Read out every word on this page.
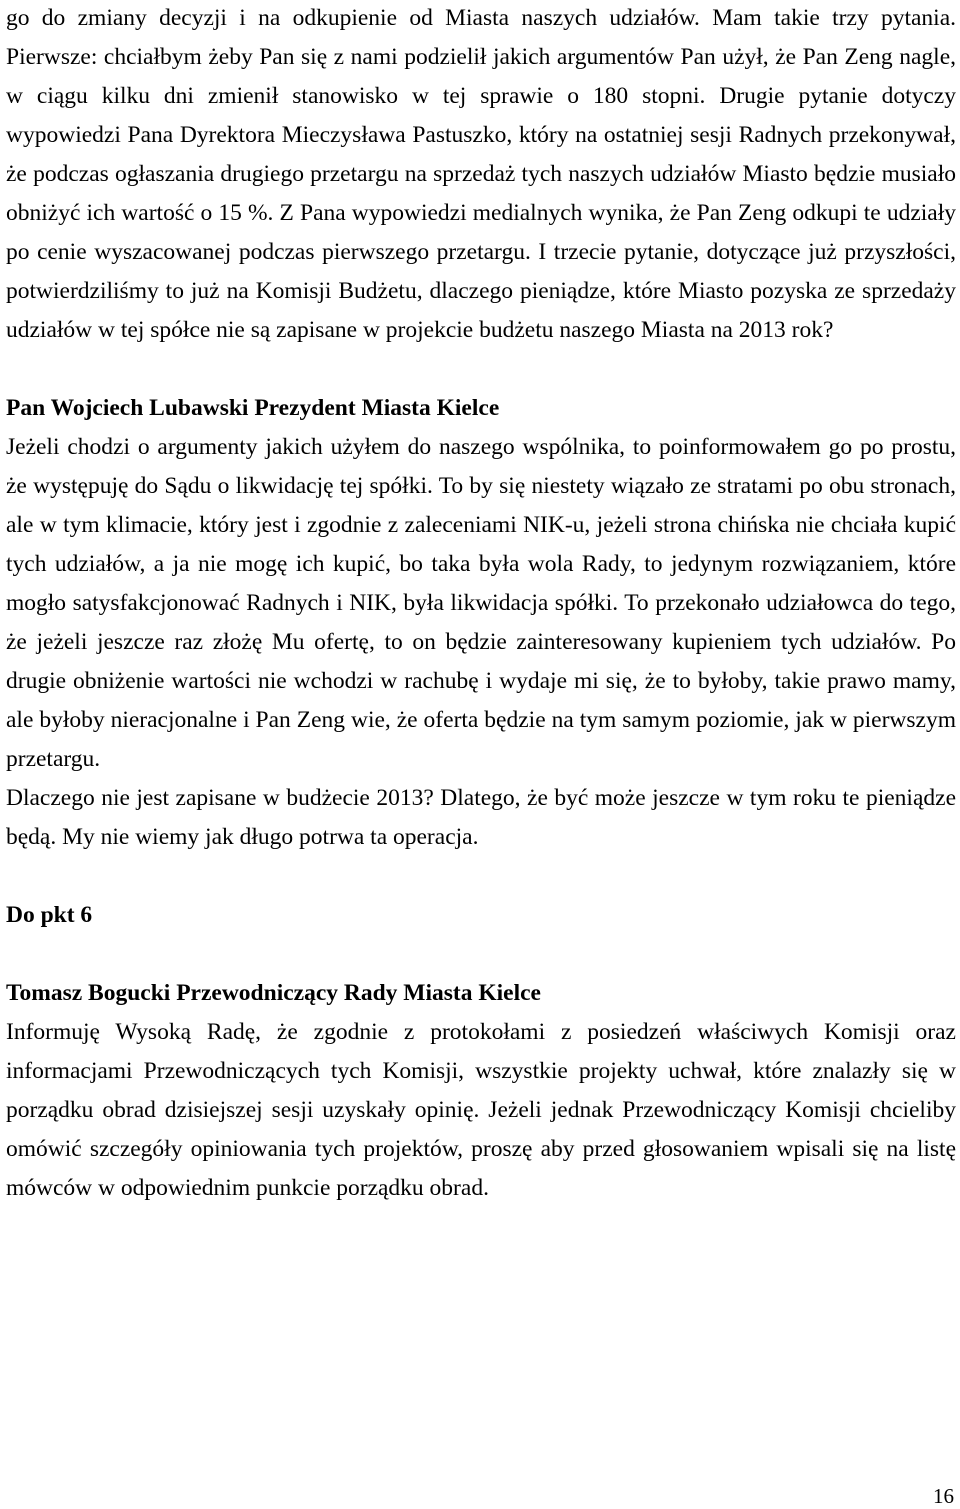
go do zmiany decyzji i na odkupienie od Miasta naszych udziałów. Mam takie trzy pytania. Pierwsze: chciałbym żeby Pan się z nami podzielił jakich argumentów Pan użył, że Pan Zeng nagle, w ciągu kilku dni zmienił stanowisko w tej sprawie o 180 stopni. Drugie pytanie dotyczy wypowiedzi Pana Dyrektora Mieczysława Pastuszko, który na ostatniej sesji Radnych przekonywał, że podczas ogłaszania drugiego przetargu na sprzedaż tych naszych udziałów Miasto będzie musiało obniżyć ich wartość o 15 %. Z Pana wypowiedzi medialnych wynika, że Pan Zeng odkupi te udziały po cenie wyszacowanej podczas pierwszego przetargu. I trzecie pytanie, dotyczące już przyszłości, potwierdziliśmy to już na Komisji Budżetu, dlaczego pieniądze, które Miasto pozyska ze sprzedaży udziałów w tej spółce nie są zapisane w projekcie budżetu naszego Miasta na 2013 rok?

Pan Wojciech Lubawski Prezydent Miasta Kielce

Jeżeli chodzi o argumenty jakich użyłem do naszego wspólnika, to poinformowałem go po prostu, że występuję do Sądu o likwidację tej spółki. To by się niestety wiązało ze stratami po obu stronach, ale w tym klimacie, który jest i zgodnie z zaleceniami NIK-u, jeżeli strona chińska nie chciała kupić tych udziałów, a ja nie mogę ich kupić, bo taka była wola Rady, to jedynym rozwiązaniem, które mogło satysfakcjonować Radnych i NIK, była likwidacja spółki. To przekonało udziałowca do tego, że jeżeli jeszcze raz złożę Mu ofertę, to on będzie zainteresowany kupieniem tych udziałów. Po drugie obniżenie wartości nie wchodzi w rachubę i wydaje mi się, że to byłoby, takie prawo mamy, ale byłoby nieracjonalne i Pan Zeng wie, że oferta będzie na tym samym poziomie, jak w pierwszym przetargu.

Dlaczego nie jest zapisane w budżecie 2013? Dlatego, że być może jeszcze w tym roku te pieniądze będą. My nie wiemy jak długo potrwa ta operacja.

Do pkt 6

Tomasz Bogucki Przewodniczący Rady Miasta Kielce

Informuję Wysoką Radę, że zgodnie z protokołami z posiedzeń właściwych Komisji oraz informacjami Przewodniczących tych Komisji, wszystkie projekty uchwał, które znalazły się w porządku obrad dzisiejszej sesji uzyskały opinię. Jeżeli jednak Przewodniczący Komisji chcieliby omówić szczegóły opiniowania tych projektów, proszę aby przed głosowaniem wpisali się na listę mówców w odpowiednim punkcie porządku obrad.

16
